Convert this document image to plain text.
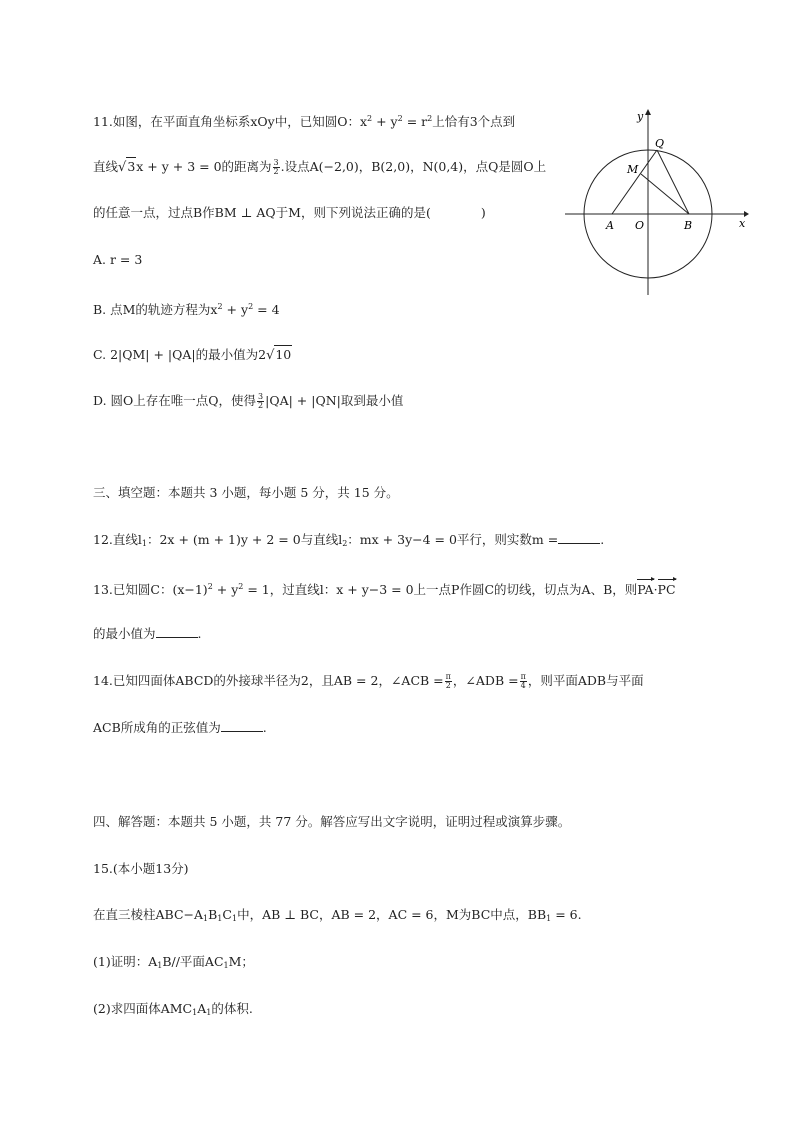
11.如图，在平面直角坐标系xOy中，已知圆O：$x^2 + y^2 = r^2$上恰有3个点到
直线√3x + y + 3 = 0的距离为 $\frac{3}{2}$ .设点A(−2,0)，B(2,0)，N(0,4)，点Q是圆O上
的任意一点，过点B作BM ⊥ AQ于M，则下列说法正确的是(　　　　)
A. r = 3
B. 点M的轨迹方程为$x^2 + y^2 = 4$
C. 2|QM| + |QA|的最小值为2√10
D. 圆O上存在唯一点Q，使得 $\frac{3}{2} |QA| + |QN|$取到最小值
y
x
Q
M
A O	B
三、填空题：本题共 3 小题，每小题 5 分，共 15 分。
12.直线$l_1$：2x + (m + 1)y + 2 = 0与直线$l_2$：mx + 3y−4 = 0平行，则实数m =	.
13.已知圆C：$(x-1)^2 + y^2 = 1$，过直线l：x + y−3 = 0上一点P作圆C的切线，切点为A、B，则PA·PC
的最小值为	.
14.已知四面体ABCD的外接球半径为2，且AB = 2，∠ACB = $\frac{\pi}{2}$ ，∠ADB = $\frac{\pi}{4}$ ，则平面ADB与平面
ACB所成角的正弦值为	.
四、解答题：本题共 5 小题，共 77 分。解答应写出文字说明，证明过程或演算步骤。
15.(本小题13分)
在直三棱柱$ABC-A_1B_1C_1$中，AB ⊥ BC，AB = 2，AC = 6，M为BC中点，$BB_1 = 6$.
(1)证明：$A_1B//$平面$AC_1M$；
(2)求四面体$AMC_1A_1$的体积.
